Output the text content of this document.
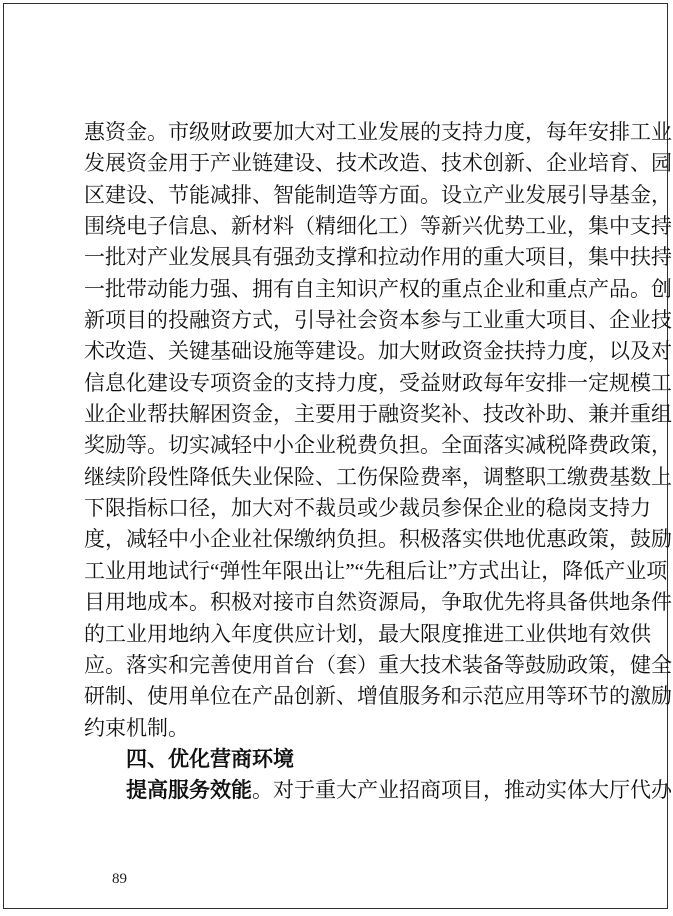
惠资金。市级财政要加大对工业发展的支持力度，每年安排工业
发展资金用于产业链建设、技术改造、技术创新、企业培育、园
区建设、节能减排、智能制造等方面。设立产业发展引导基金，
围绕电子信息、新材料（精细化工）等新兴优势工业，集中支持
一批对产业发展具有强劲支撑和拉动作用的重大项目，集中扶持
一批带动能力强、拥有自主知识产权的重点企业和重点产品。创
新项目的投融资方式，引导社会资本参与工业重大项目、企业技
术改造、关键基础设施等建设。加大财政资金扶持力度，以及对
信息化建设专项资金的支持力度，受益财政每年安排一定规模工
业企业帮扶解困资金，主要用于融资奖补、技改补助、兼并重组
奖励等。切实减轻中小企业税费负担。全面落实减税降费政策，
继续阶段性降低失业保险、工伤保险费率，调整职工缴费基数上
下限指标口径，加大对不裁员或少裁员参保企业的稳岗支持力
度，减轻中小企业社保缴纳负担。积极落实供地优惠政策，鼓励
工业用地试行“弹性年限出让”“先租后让”方式出让，降低产业项
目用地成本。积极对接市自然资源局，争取优先将具备供地条件
的工业用地纳入年度供应计划，最大限度推进工业供地有效供
应。落实和完善使用首台（套）重大技术装备等鼓励政策，健全
研制、使用单位在产品创新、增值服务和示范应用等环节的激励
约束机制。
四、优化营商环境
提高服务效能。对于重大产业招商项目，推动实体大厅代办
89
